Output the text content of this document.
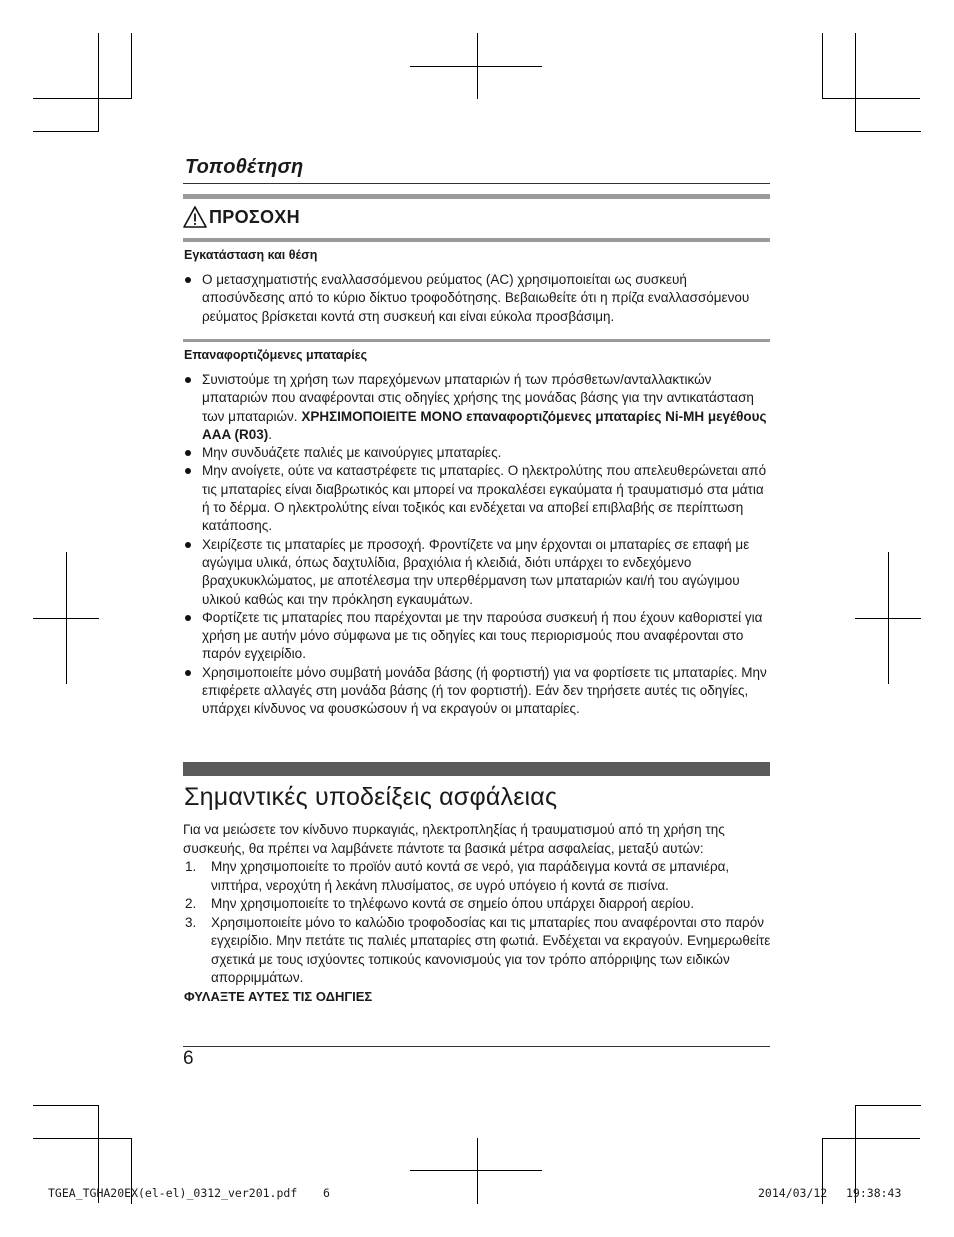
Τοποθέτηση
ΠΡΟΣΟΧΗ
Εγκατάσταση και θέση
Ο μετασχηματιστής εναλλασσόμενου ρεύματος (AC) χρησιμοποιείται ως συσκευή αποσύνδεσης από το κύριο δίκτυο τροφοδότησης. Βεβαιωθείτε ότι η πρίζα εναλλασσόμενου ρεύματος βρίσκεται κοντά στη συσκευή και είναι εύκολα προσβάσιμη.
Επαναφορτιζόμενες μπαταρίες
Συνιστούμε τη χρήση των παρεχόμενων μπαταριών ή των πρόσθετων/ανταλλακτικών μπαταριών που αναφέρονται στις οδηγίες χρήσης της μονάδας βάσης για την αντικατάσταση των μπαταριών. ΧΡΗΣΙΜΟΠΟΙΕΙΤΕ ΜΟΝΟ επαναφορτιζόμενες μπαταρίες Ni-MH μεγέθους AAA (R03).
Μην συνδυάζετε παλιές με καινούργιες μπαταρίες.
Μην ανοίγετε, ούτε να καταστρέφετε τις μπαταρίες. Ο ηλεκτρολύτης που απελευθερώνεται από τις μπαταρίες είναι διαβρωτικός και μπορεί να προκαλέσει εγκαύματα ή τραυματισμό στα μάτια ή το δέρμα. Ο ηλεκτρολύτης είναι τοξικός και ενδέχεται να αποβεί επιβλαβής σε περίπτωση κατάποσης.
Χειρίζεστε τις μπαταρίες με προσοχή. Φροντίζετε να μην έρχονται οι μπαταρίες σε επαφή με αγώγιμα υλικά, όπως δαχτυλίδια, βραχιόλια ή κλειδιά, διότι υπάρχει το ενδεχόμενο βραχυκυκλώματος, με αποτέλεσμα την υπερθέρμανση των μπαταριών και/ή του αγώγιμου υλικού καθώς και την πρόκληση εγκαυμάτων.
Φορτίζετε τις μπαταρίες που παρέχονται με την παρούσα συσκευή ή που έχουν καθοριστεί για χρήση με αυτήν μόνο σύμφωνα με τις οδηγίες και τους περιορισμούς που αναφέρονται στο παρόν εγχειρίδιο.
Χρησιμοποιείτε μόνο συμβατή μονάδα βάσης (ή φορτιστή) για να φορτίσετε τις μπαταρίες. Μην επιφέρετε αλλαγές στη μονάδα βάσης (ή τον φορτιστή). Εάν δεν τηρήσετε αυτές τις οδηγίες, υπάρχει κίνδυνος να φουσκώσουν ή να εκραγούν οι μπαταρίες.
Σημαντικές υποδείξεις ασφάλειας
Για να μειώσετε τον κίνδυνο πυρκαγιάς, ηλεκτροπληξίας ή τραυματισμού από τη χρήση της συσκευής, θα πρέπει να λαμβάνετε πάντοτε τα βασικά μέτρα ασφαλείας, μεταξύ αυτών:
1. Μην χρησιμοποιείτε το προϊόν αυτό κοντά σε νερό, για παράδειγμα κοντά σε μπανιέρα, νιπτήρα, νεροχύτη ή λεκάνη πλυσίματος, σε υγρό υπόγειο ή κοντά σε πισίνα.
2. Μην χρησιμοποιείτε το τηλέφωνο κοντά σε σημείο όπου υπάρχει διαρροή αερίου.
3. Χρησιμοποιείτε μόνο το καλώδιο τροφοδοσίας και τις μπαταρίες που αναφέρονται στο παρόν εγχειρίδιο. Μην πετάτε τις παλιές μπαταρίες στη φωτιά. Ενδέχεται να εκραγούν. Ενημερωθείτε σχετικά με τους ισχύοντες τοπικούς κανονισμούς για τον τρόπο απόρριψης των ειδικών απορριμμάτων.
ΦΥΛΑΞΤΕ ΑΥΤΕΣ ΤΙΣ ΟΔΗΓΙΕΣ
6
TGEA_TGHA20EX(el-el)_0312_ver201.pdf 6	2014/03/12 19:38:43
